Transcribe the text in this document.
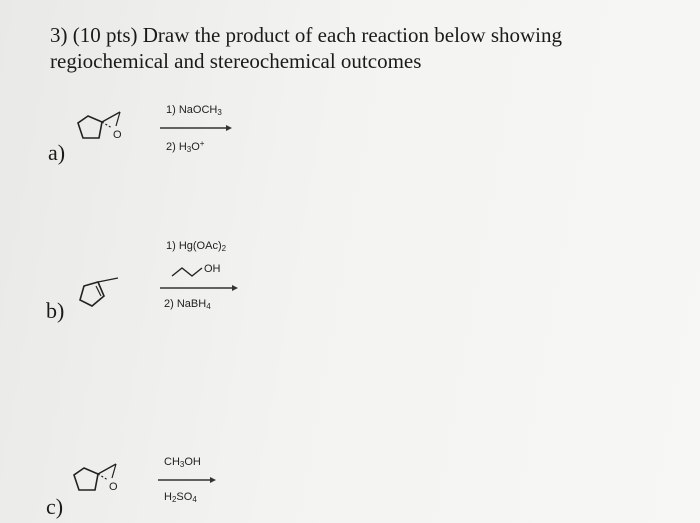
3) (10 pts) Draw the product of each reaction below showing
regiochemical and stereochemical outcomes
a)
O
1) NaOCH$_3$
2) $H_3O^+$
b)
1) $Hg(OAc)_2$
OH
2) NaBH$_4$
c)
O
$CH_3OH$
$H_2SO_4$
